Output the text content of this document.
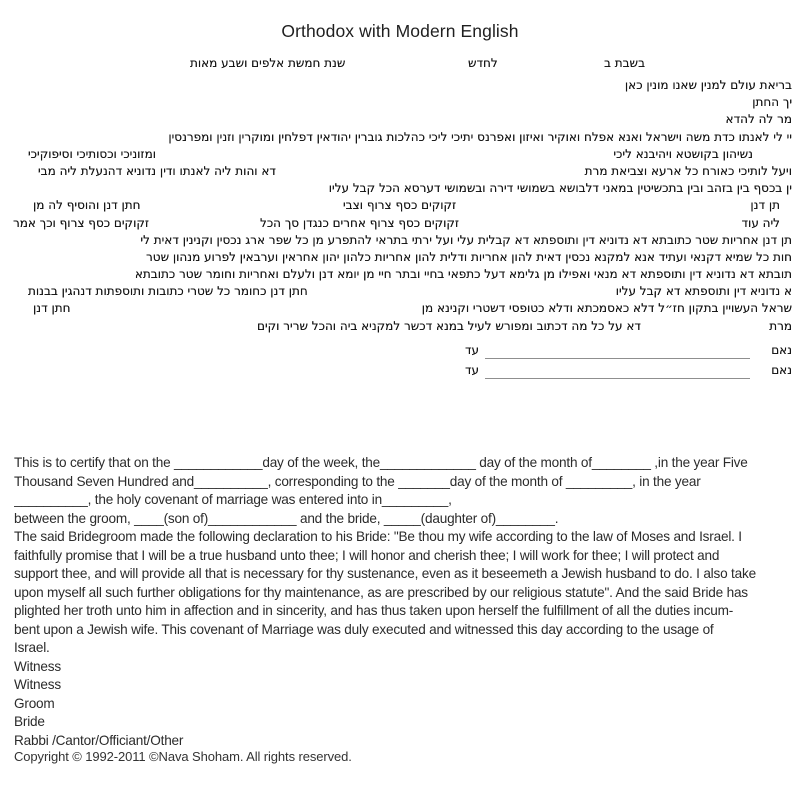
Orthodox with Modern English
בשבת ב
לחדש
שנת חמשת אלפים ושבע מאות
בריאת עולם למנין שאנו מונין כאן
יך החתן
מר לה להדא
יי לי לאנתו כדת משה וישראל ואנא אפלח ואוקיר ואיזון ואפרנס יתיכי ליכי כהלכות גוברין יהודאין דפלחין ומוקרין וזנין ומפרנסין
נשיהון בקושטא ויהיבנא ליכי
ומזוניכי וכסותיכי וסיפוקיכי
ויעל לותיכי כאורח כל ארעא וצביאת מרת
דא והות ליה לאנתו ודין נדוניא דהנעלת ליה מבי
ין בכסף בין בזהב ובין בתכשיטין במאני דלבושא בשמושי דירה ובשמושי דערסא הכל קבל עליו
תן דנן
זקוקים כסף צרוף וצבי
חתן דנן והוסיף לה מן
ליה עוד
זקוקים כסף צרוף אחרים כנגדן סך הכל
זקוקים כסף צרוף וכך אמר
תן דנן אחריות שטר כתובתא דא נדוניא דין ותוספתא דא קבלית עלי ועל ירתי בתראי להתפרע מן כל שפר ארג נכסין וקנינין דאית לי
חות כל שמיא דקנאי ועתיד אנא למקנא נכסין דאית להון אחריות ודלית להון אחריות כלהון יהון אחראין וערבאין לפרוע מנהון שטר
תובתא דא נדוניא דין ותוספתא דא מנאי ואפילו מן גלימא דעל כתפאי בחיי ובתר חיי מן יומא דנן ולעלם ואחריות וחומר שטר כתובתא
א נדוניא דין ותוספתא דא קבל עליו
חתן דנן כחומר כל שטרי כתובות ותוספתות דנהגין בבנות
שראל העשויין בתקון חז״ל דלא כאסמכתא ודלא כטופסי דשטרי וקנינא מן
חתן דנן
מרת
דא על כל מה דכתוב ומפורש לעיל במנא דכשר למקניא ביה והכל שריר וקים
נאם
עד
נאם
עד
This is to certify that on the ____________day of the week, the_____________ day of the month of________ ,in the year Five
Thousand Seven Hundred and__________, corresponding to the _______day of the month of _________, in the year
__________, the holy covenant of marriage was entered into in_________,
between the groom, ____(son of)____________ and the bride, _____(daughter of)________.
The said Bridegroom made the following declaration to his Bride: "Be thou my wife according to the law of Moses and Israel. I
faithfully promise that I will be a true husband unto thee; I will honor and cherish thee; I will work for thee; I will protect and
support thee, and will provide all that is necessary for thy sustenance, even as it beseemeth a Jewish husband to do. I also take
upon myself all such further obligations for thy maintenance, as are prescribed by our religious statute". And the said Bride has
plighted her troth unto him in affection and in sincerity, and has thus taken upon herself the fulfillment of all the duties incum-
bent upon a Jewish wife. This covenant of Marriage was duly executed and witnessed this day according to the usage of
Israel.
Witness
Witness
Groom
Bride
Rabbi /Cantor/Officiant/Other
Copyright © 1992-2011 ©Nava Shoham. All rights reserved.
